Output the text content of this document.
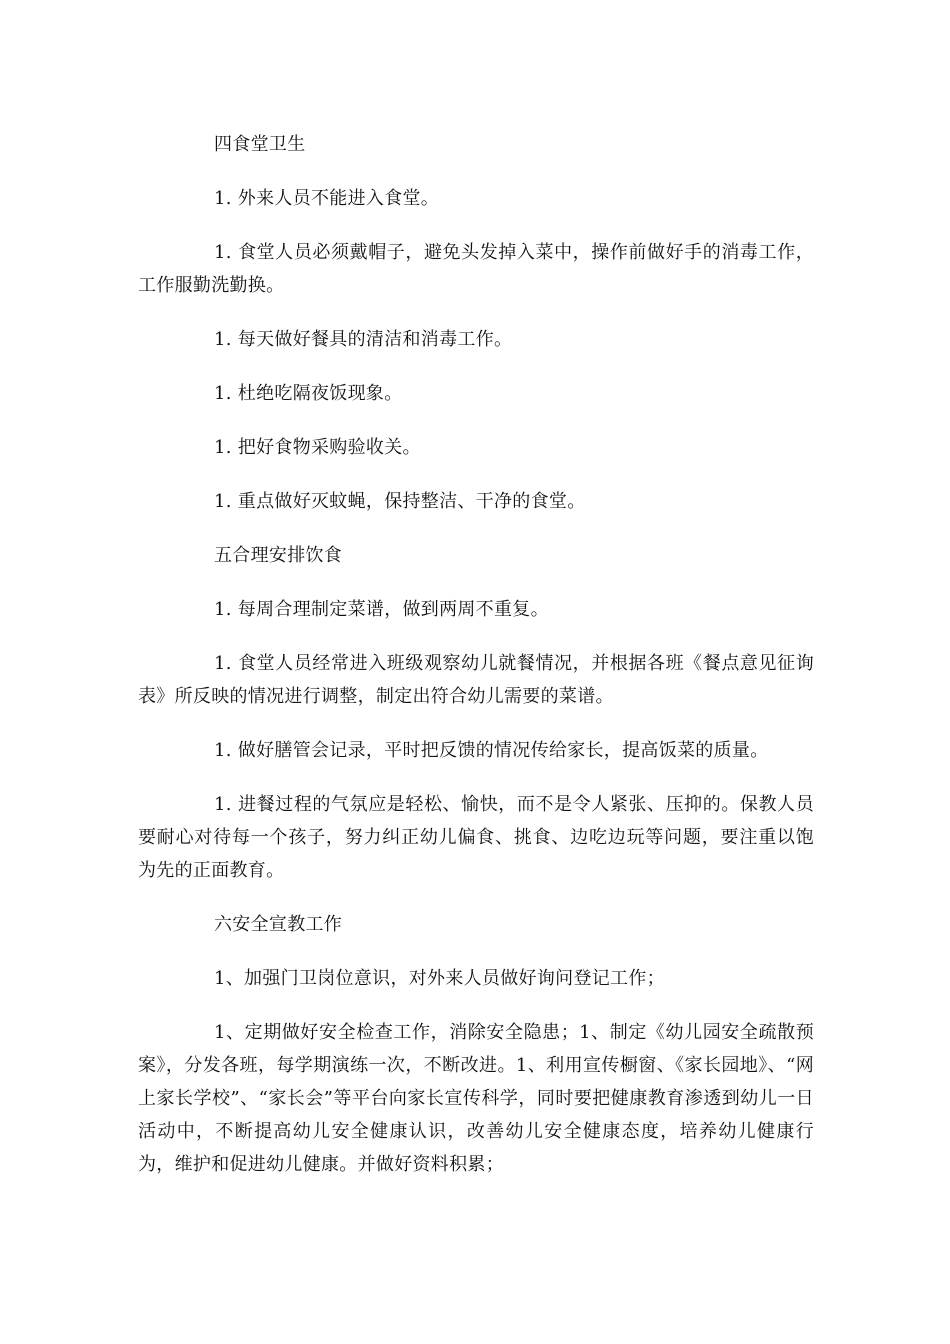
四食堂卫生

1. 外来人员不能进入食堂。

1. 食堂人员必须戴帽子，避免头发掉入菜中，操作前做好手的消毒工作，工作服勤洗勤换。

1. 每天做好餐具的清洁和消毒工作。

1. 杜绝吃隔夜饭现象。

1. 把好食物采购验收关。

1. 重点做好灭蚊蝇，保持整洁、干净的食堂。

五合理安排饮食

1. 每周合理制定菜谱，做到两周不重复。

1. 食堂人员经常进入班级观察幼儿就餐情况，并根据各班《餐点意见征询表》所反映的情况进行调整，制定出符合幼儿需要的菜谱。

1. 做好膳管会记录，平时把反馈的情况传给家长，提高饭菜的质量。

1. 进餐过程的气氛应是轻松、愉快，而不是令人紧张、压抑的。保教人员要耐心对待每一个孩子，努力纠正幼儿偏食、挑食、边吃边玩等问题，要注重以饱为先的正面教育。

六安全宣教工作

1、加强门卫岗位意识，对外来人员做好询问登记工作；

1、定期做好安全检查工作，消除安全隐患；1、制定《幼儿园安全疏散预案》，分发各班，每学期演练一次，不断改进。1、利用宣传橱窗、《家长园地》、“网上家长学校”、“家长会”等平台向家长宣传科学，同时要把健康教育渗透到幼儿一日活动中，不断提高幼儿安全健康认识，改善幼儿安全健康态度，培养幼儿健康行为，维护和促进幼儿健康。并做好资料积累；
